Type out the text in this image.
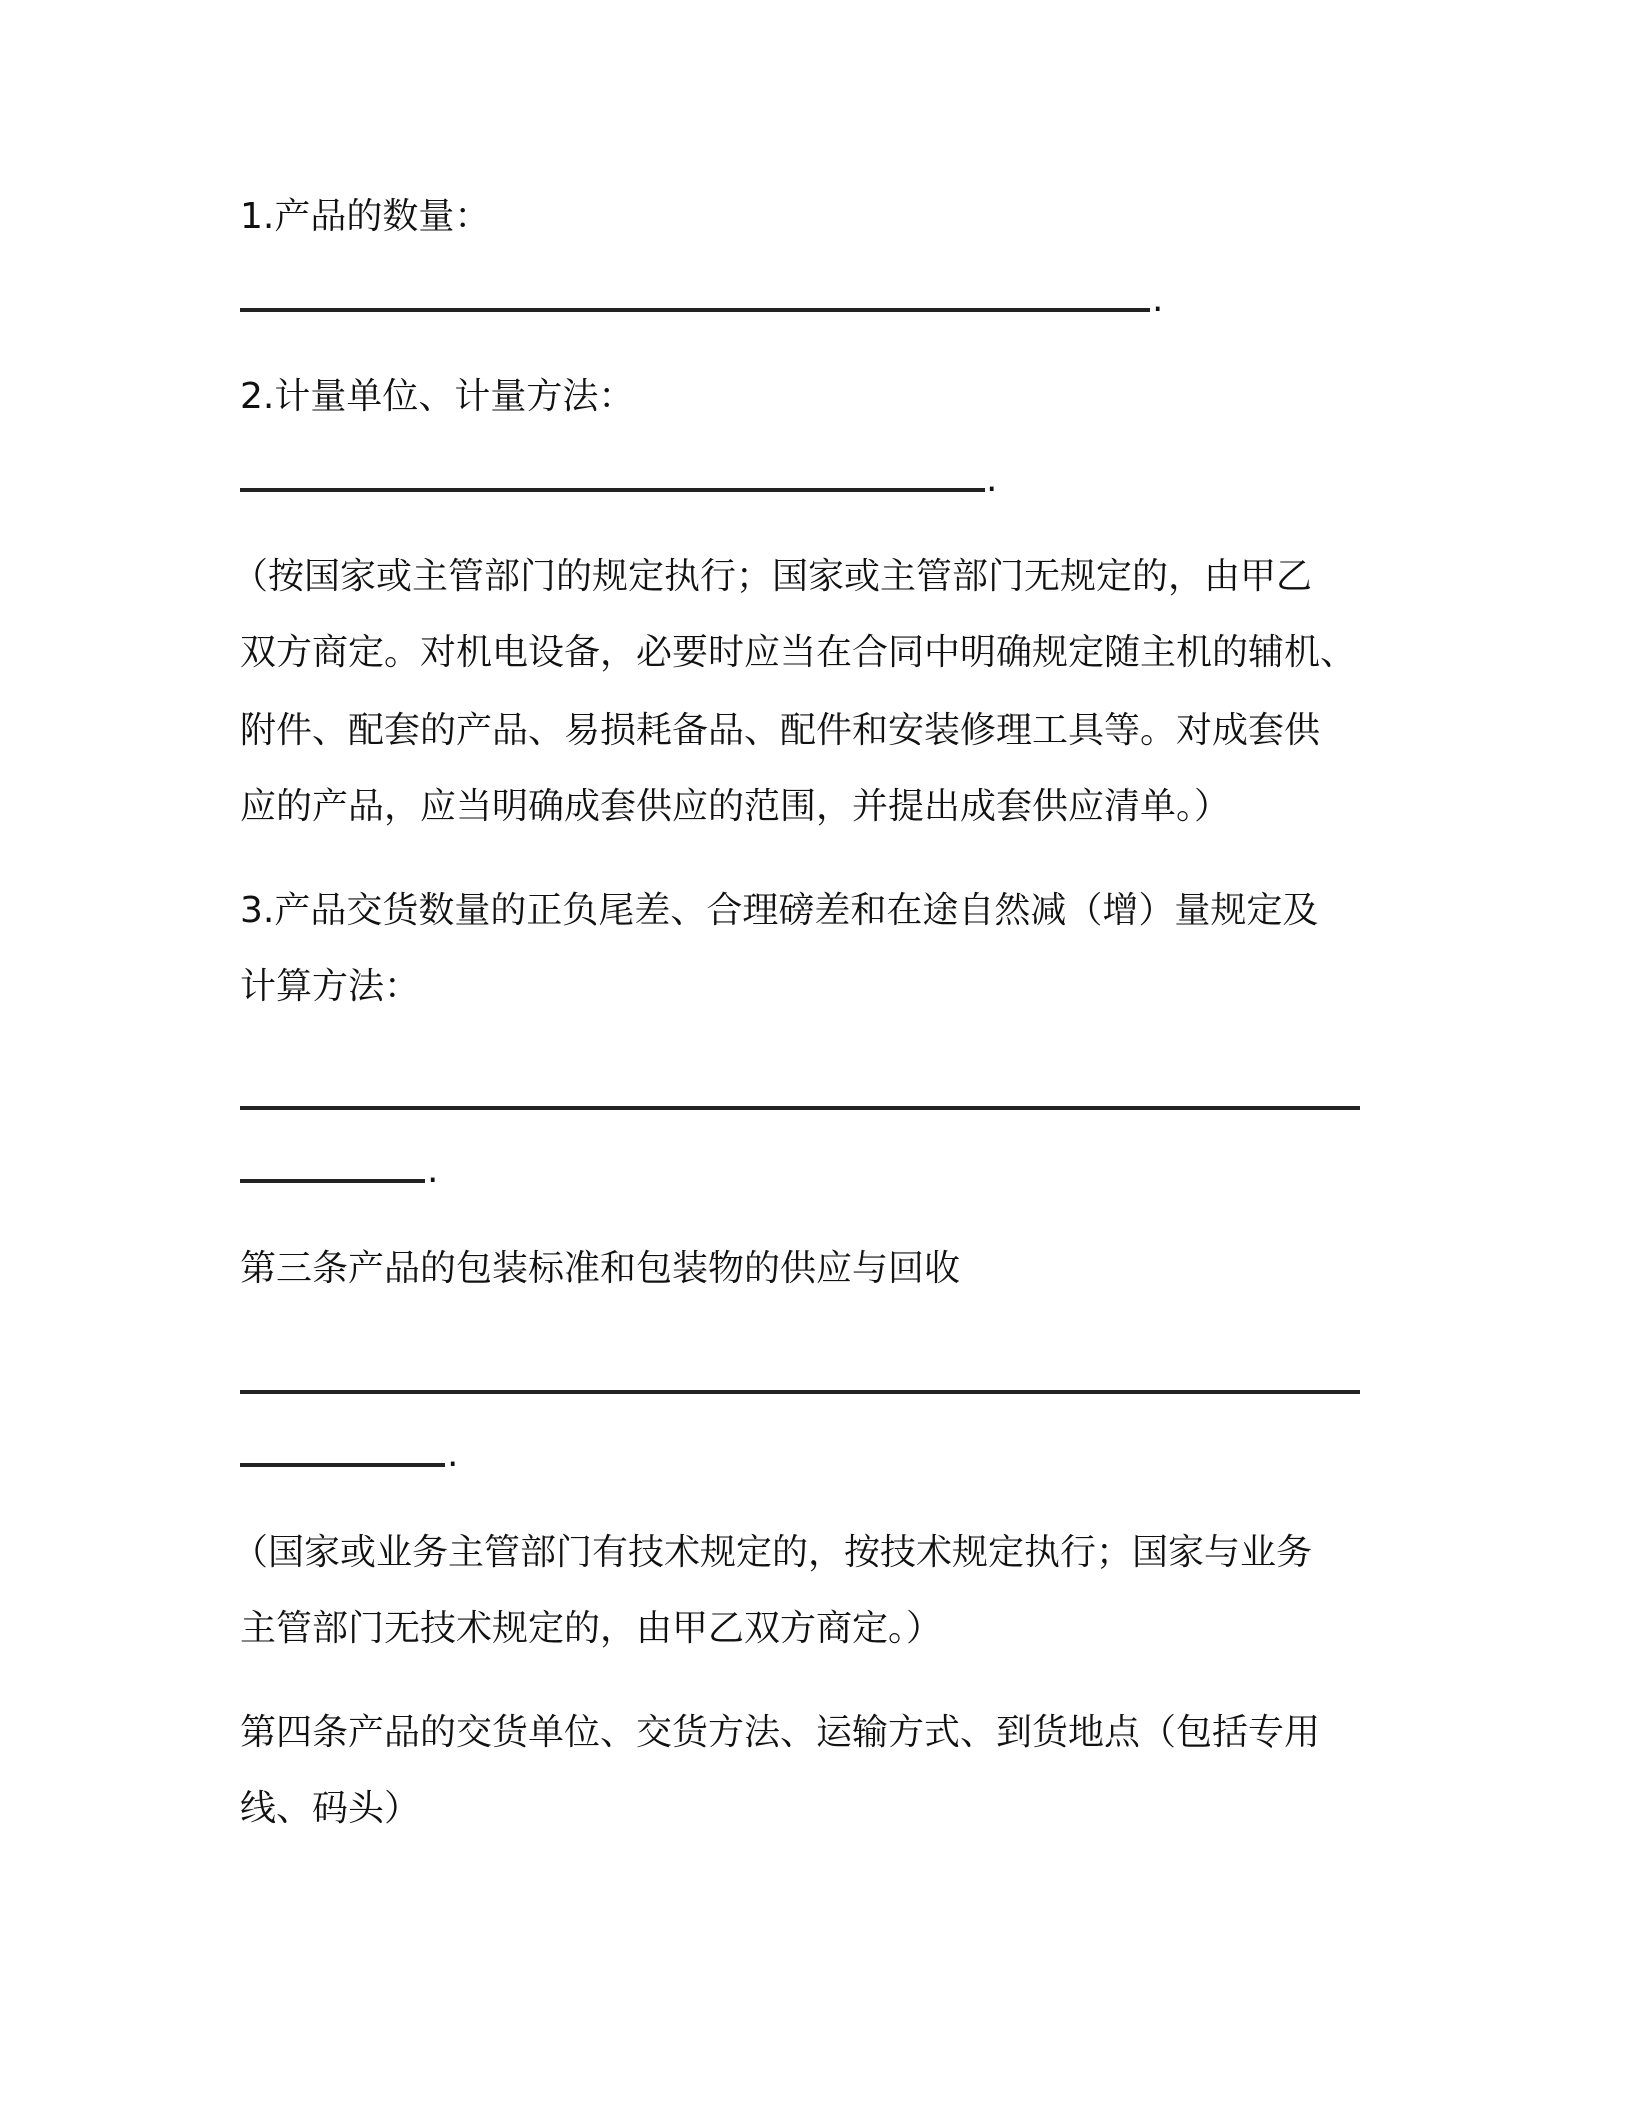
1.产品的数量：
.
2.计量单位、计量方法：
.
（按国家或主管部门的规定执行；国家或主管部门无规定的，由甲乙
双方商定。对机电设备，必要时应当在合同中明确规定随主机的辅机、
附件、配套的产品、易损耗备品、配件和安装修理工具等。对成套供
应的产品，应当明确成套供应的范围，并提出成套供应清单。）
3.产品交货数量的正负尾差、合理磅差和在途自然减（增）量规定及
计算方法：
.
第三条产品的包装标准和包装物的供应与回收
.
（国家或业务主管部门有技术规定的，按技术规定执行；国家与业务
主管部门无技术规定的，由甲乙双方商定。）
第四条产品的交货单位、交货方法、运输方式、到货地点（包括专用
线、码头）
